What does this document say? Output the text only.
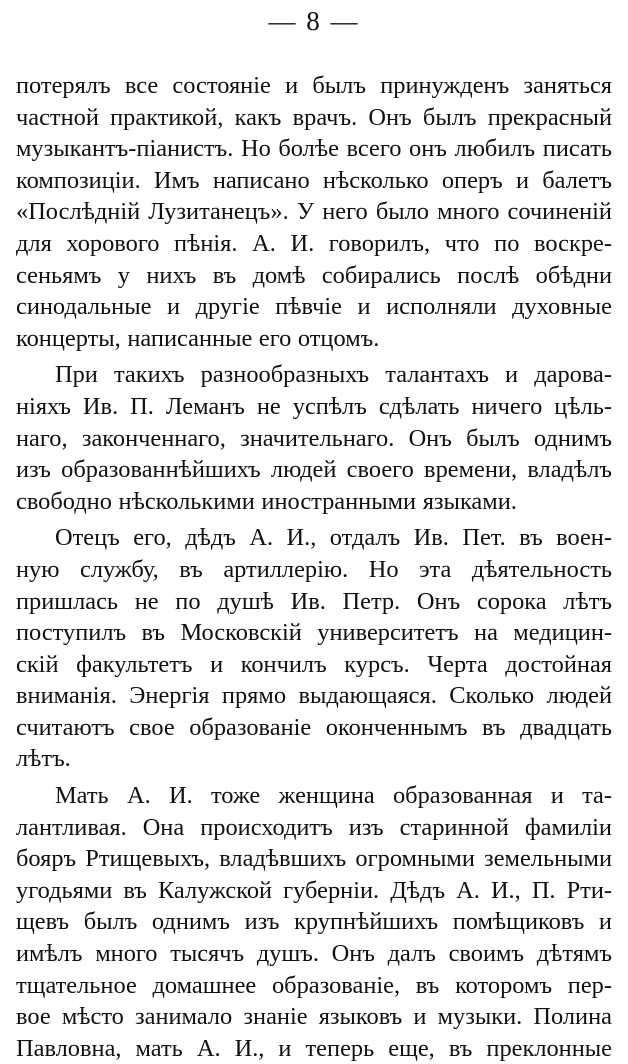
— 8 —
потерялъ все состояніе и былъ принужденъ заняться
частной практикой, какъ врачъ. Онъ былъ прекрасный
музыкантъ-піанистъ. Но болѣе всего онъ любилъ писать
композиціи. Имъ написано нѣсколько оперъ и балетъ
«Послѣдній Лузитанецъ». У него было много сочиненій
для хорового пѣнія. А. И. говорилъ, что по воскре-
сеньямъ у нихъ въ домѣ собирались послѣ обѣдни
синодальные и другіе пѣвчіе и исполняли духовные
концерты, написанные его отцомъ.
При такихъ разнообразныхъ талантахъ и дарова-
ніяхъ Ив. П. Леманъ не успѣлъ сдѣлать ничего цѣль-
наго, законченнаго, значительнаго. Онъ былъ однимъ
изъ образованнѣйшихъ людей своего времени, владѣлъ
свободно нѣсколькими иностранными языками.
Отецъ его, дѣдъ А. И., отдалъ Ив. Пет. въ воен-
ную службу, въ артиллерію. Но эта дѣятельность
пришлась не по душѣ Ив. Петр. Онъ сорока лѣтъ
поступилъ въ Московскій университетъ на медицин-
скій факультетъ и кончилъ курсъ. Черта достойная
вниманія. Энергія прямо выдающаяся. Сколько людей
считаютъ свое образованіе оконченнымъ въ двадцать
лѣтъ.
Мать А. И. тоже женщина образованная и та-
лантливая. Она происходитъ изъ старинной фамиліи
бояръ Ртищевыхъ, владѣвшихъ огромными земельными
угодьями въ Калужской губерніи. Дѣдъ А. И., П. Рти-
щевъ былъ однимъ изъ крупнѣйшихъ помѣщиковъ и
имѣлъ много тысячъ душъ. Онъ далъ своимъ дѣтямъ
тщательное домашнее образованіе, въ которомъ пер-
вое мѣсто занимало знаніе языковъ и музыки. Полина
Павловна, мать А. И., и теперь еще, въ преклонные
